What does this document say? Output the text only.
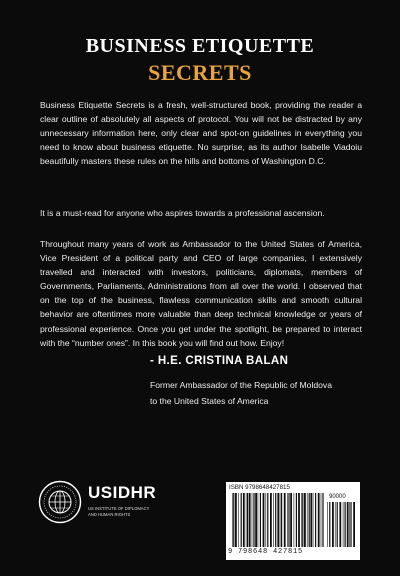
BUSINESS ETIQUETTE
SECRETS

Business Etiquette Secrets is a fresh, well-structured book, providing the reader a clear outline of absolutely all aspects of protocol. You will not be distracted by any unnecessary information here, only clear and spot-on guidelines in everything you need to know about business etiquette. No surprise, as its author Isabelle Viadoiu beautifully masters these rules on the hills and bottoms of Washington D.C.

It is a must-read for anyone who aspires towards a professional ascension.

Throughout many years of work as Ambassador to the United States of America, Vice President of a political party and CEO of large companies, I extensively travelled and interacted with investors, politicians, diplomats, members of Governments, Parliaments, Administrations from all over the world. I observed that on the top of the business, flawless communication skills and smooth cultural behavior are oftentimes more valuable than deep technical knowledge or years of professional experience. Once you get under the spotlight, be prepared to interact with the “number ones”. In this book you will find out how. Enjoy!

- H.E. CRISTINA BALAN
Former Ambassador of the Republic of Moldova
to the United States of America
USIDHR
US INSTITUTE OF DIPLOMACY
AND HUMAN RIGHTS
ISBN 9798648427815
90000
9 798648 427815
